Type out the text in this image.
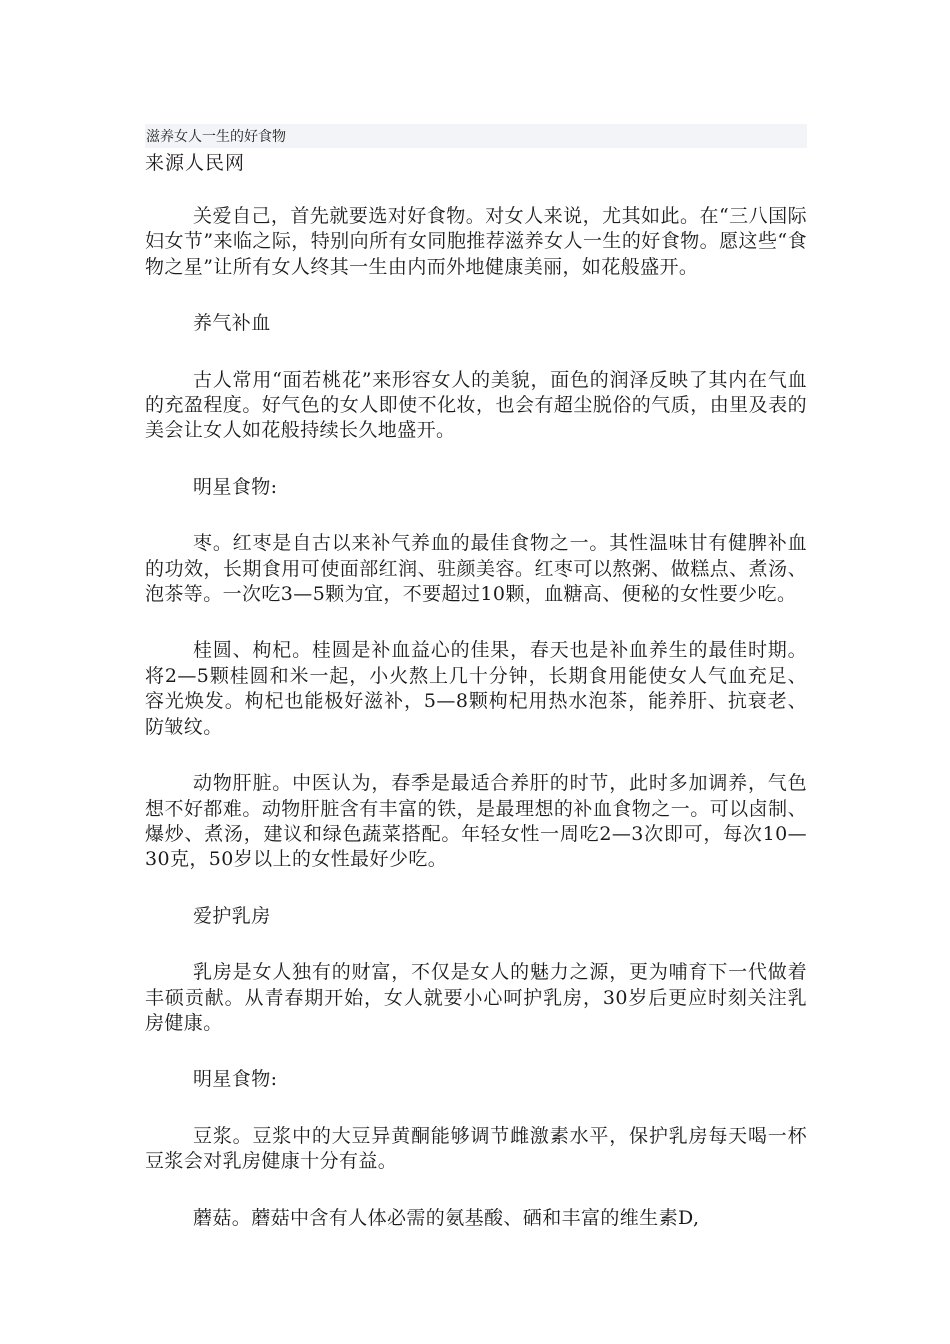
滋养女人一生的好食物
来源人民网

关爱自己，首先就要选对好食物。对女人来说，尤其如此。在“三八国际妇女节”来临之际，特别向所有女同胞推荐滋养女人一生的好食物。愿这些“食物之星”让所有女人终其一生由内而外地健康美丽，如花般盛开。

养气补血

古人常用“面若桃花”来形容女人的美貌，面色的润泽反映了其内在气血的充盈程度。好气色的女人即使不化妆，也会有超尘脱俗的气质，由里及表的美会让女人如花般持续长久地盛开。

明星食物:

枣。红枣是自古以来补气养血的最佳食物之一。其性温味甘有健脾补血的功效，长期食用可使面部红润、驻颜美容。红枣可以熬粥、做糕点、煮汤、泡茶等。一次吃3—5颗为宜，不要超过10颗，血糖高、便秘的女性要少吃。

桂圆、枸杞。桂圆是补血益心的佳果，春天也是补血养生的最佳时期。将2—5颗桂圆和米一起，小火熬上几十分钟，长期食用能使女人气血充足、容光焕发。枸杞也能极好滋补，5—8颗枸杞用热水泡茶，能养肝、抗衰老、防皱纹。

动物肝脏。中医认为，春季是最适合养肝的时节，此时多加调养，气色想不好都难。动物肝脏含有丰富的铁，是最理想的补血食物之一。可以卤制、爆炒、煮汤，建议和绿色蔬菜搭配。年轻女性一周吃2—3次即可，每次10—30克，50岁以上的女性最好少吃。

爱护乳房

乳房是女人独有的财富，不仅是女人的魅力之源，更为哺育下一代做着丰硕贡献。从青春期开始，女人就要小心呵护乳房，30岁后更应时刻关注乳房健康。

明星食物:

豆浆。豆浆中的大豆异黄酮能够调节雌激素水平，保护乳房每天喝一杯豆浆会对乳房健康十分有益。

蘑菇。蘑菇中含有人体必需的氨基酸、硒和丰富的维生素D,
